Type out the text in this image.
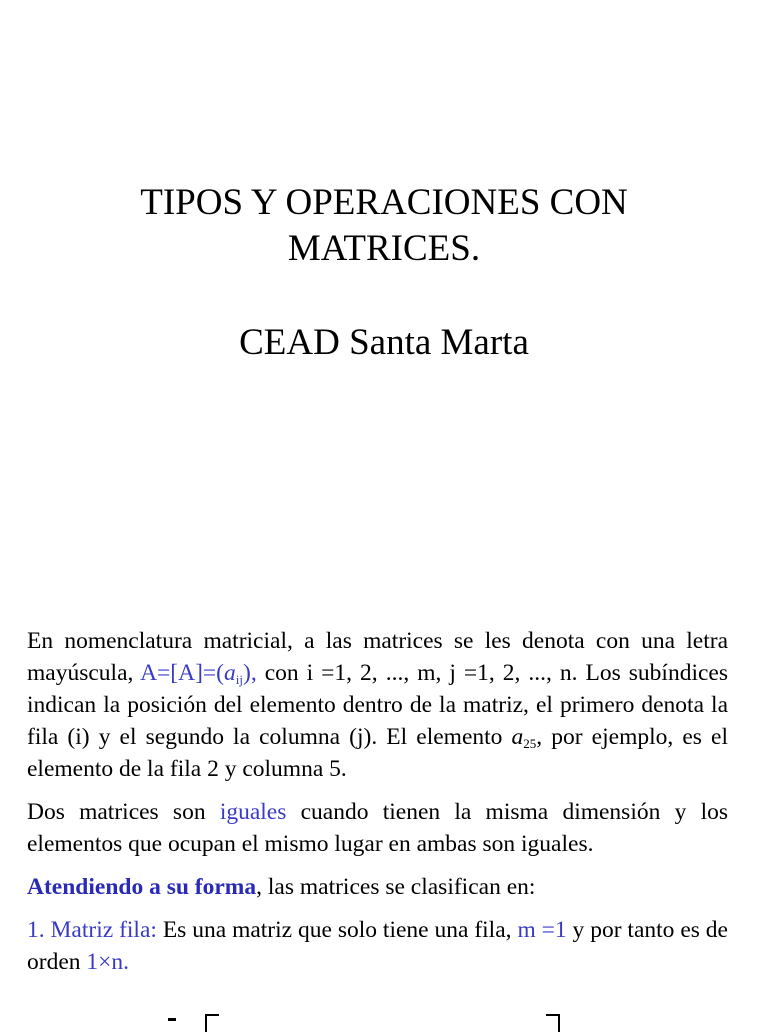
TIPOS Y OPERACIONES CON

MATRICES.

CEAD Santa Marta

En nomenclatura matricial, a las matrices se les denota con una letra mayúscula, $A=[A]=(a_{ij})$, con i =1, 2, ..., m, j =1, 2, ..., n. Los subíndices indican la posición del elemento dentro de la matriz, el primero denota la fila (i) y el segundo la columna (j). El elemento $a_{25}$, por ejemplo, es el elemento de la fila 2 y columna 5.

Dos matrices son iguales cuando tienen la misma dimensión y los elementos que ocupan el mismo lugar en ambas son iguales.

Atendiendo a su forma, las matrices se clasifican en:

1. Matriz fila: Es una matriz que solo tiene una fila, m =1 y por tanto es de orden 1×n.
